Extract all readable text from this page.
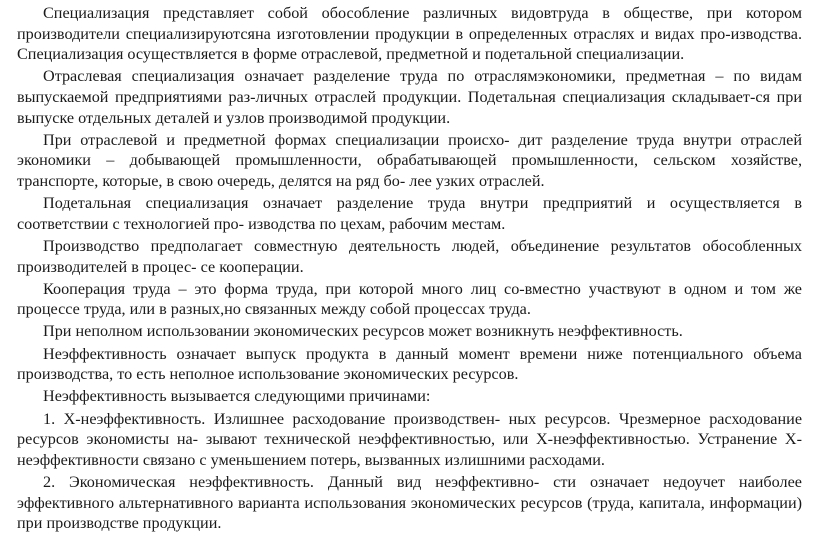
Специализация представляет собой обособление различных видовтруда в обществе, при котором производители специализируютсяна изготовлении продукции в определенных отраслях и видах про-изводства. Специализация осуществляется в форме отраслевой, предметной и подетальной специализации.

Отраслевая специализация означает разделение труда по отраслямэкономики, предметная – по видам выпускаемой предприятиями раз-личных отраслей продукции. Подетальная специализация складывает-ся при выпуске отдельных деталей и узлов производимой продукции.

При отраслевой и предметной формах специализации происхо- дит разделение труда внутри отраслей экономики – добывающей промышленности, обрабатывающей промышленности, сельском хозяйстве, транспорте, которые, в свою очередь, делятся на ряд бо- лее узких отраслей.

Подетальная специализация означает разделение труда внутри предприятий и осуществляется в соответствии с технологией про- изводства по цехам, рабочим местам.

Производство предполагает совместную деятельность людей, объединение результатов обособленных производителей в процес- се кооперации.

Кооперация труда – это форма труда, при которой много лиц со-вместно участвуют в одном и том же процессе труда, или в разных,но связанных между собой процессах труда.

При неполном использовании экономических ресурсов может возникнуть неэффективность.

Неэффективность означает выпуск продукта в данный момент времени ниже потенциального объема производства, то есть неполное использование экономических ресурсов.

Неэффективность вызывается следующими причинами:

1. Х-неэффективность. Излишнее расходование производствен- ных ресурсов. Чрезмерное расходование ресурсов экономисты на- зывают технической неэффективностью, или Х-неэффективностью. Устранение Х-неэффективности связано с уменьшением потерь, вызванных излишними расходами.

2. Экономическая неэффективность. Данный вид неэффективно- сти означает недоучет наиболее эффективного альтернативного варианта использования экономических ресурсов (труда, капитала, информации) при производстве продукции.
